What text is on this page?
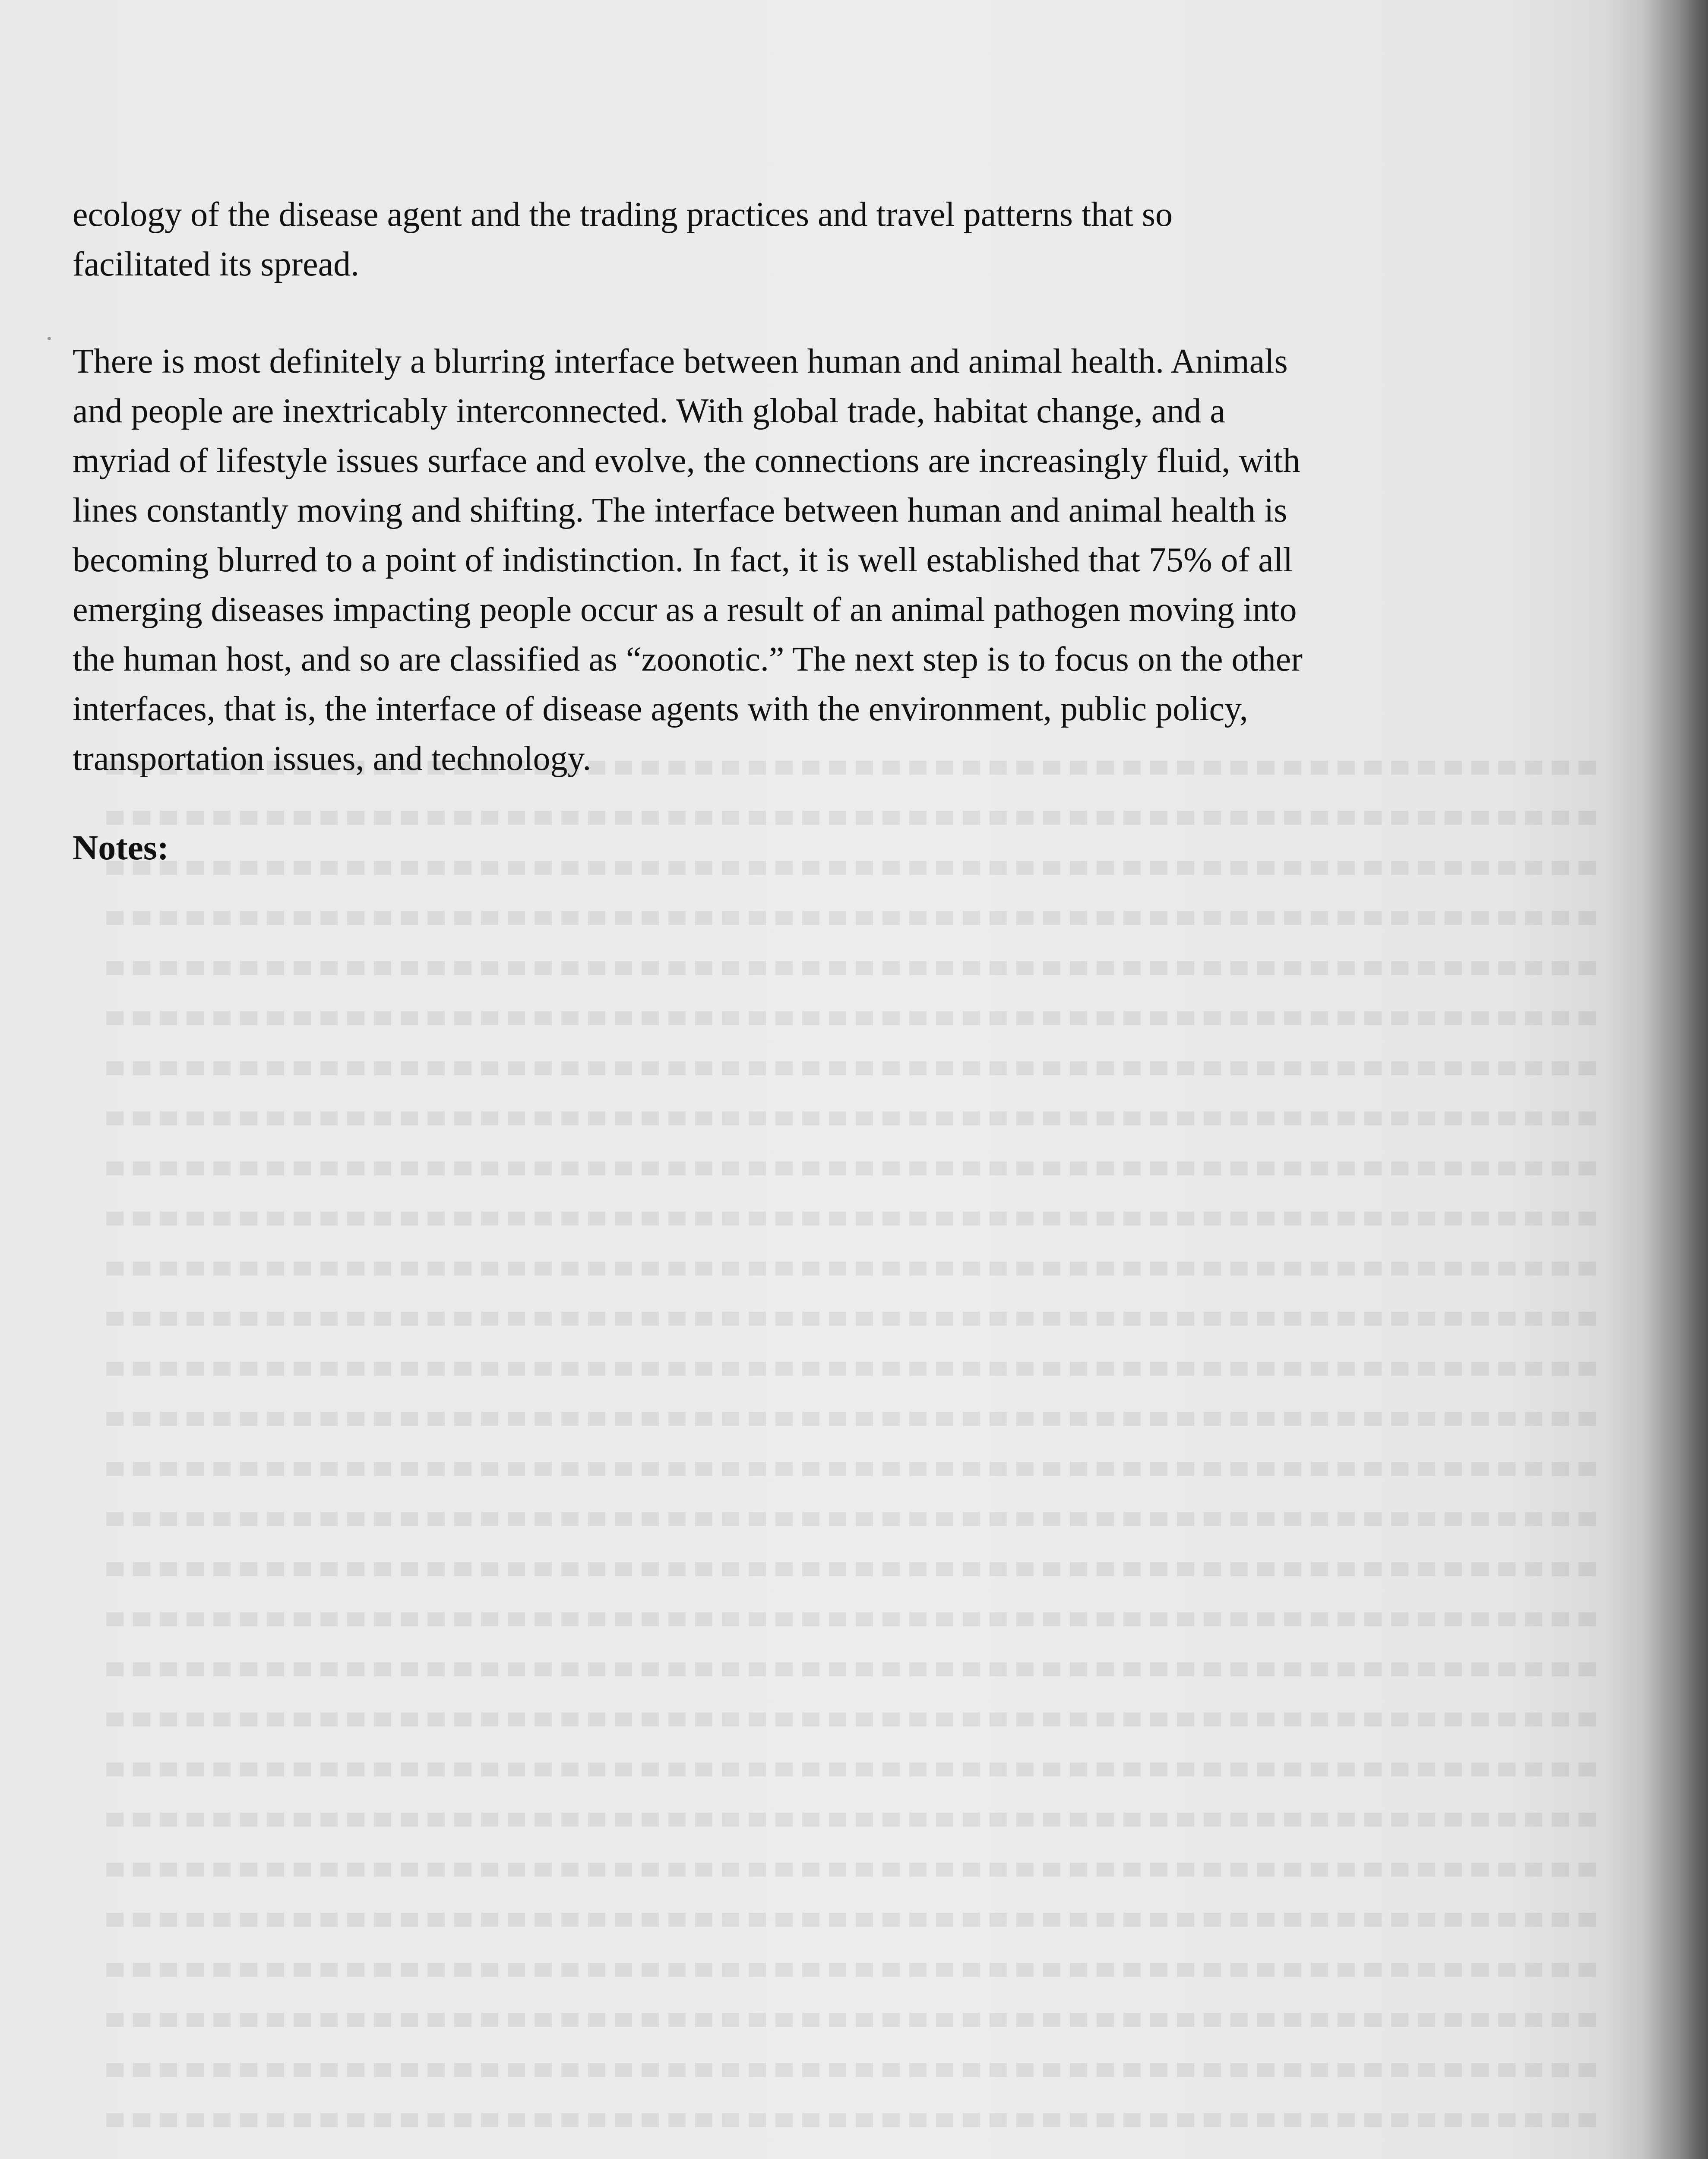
ecology of the disease agent and the trading practices and travel patterns that so
facilitated its spread.

There is most definitely a blurring interface between human and animal health. Animals
and people are inextricably interconnected. With global trade, habitat change, and a
myriad of lifestyle issues surface and evolve, the connections are increasingly fluid, with
lines constantly moving and shifting. The interface between human and animal health is
becoming blurred to a point of indistinction. In fact, it is well established that 75% of all
emerging diseases impacting people occur as a result of an animal pathogen moving into
the human host, and so are classified as “zoonotic.” The next step is to focus on the other
interfaces, that is, the interface of disease agents with the environment, public policy,
transportation issues, and technology.

Notes:
